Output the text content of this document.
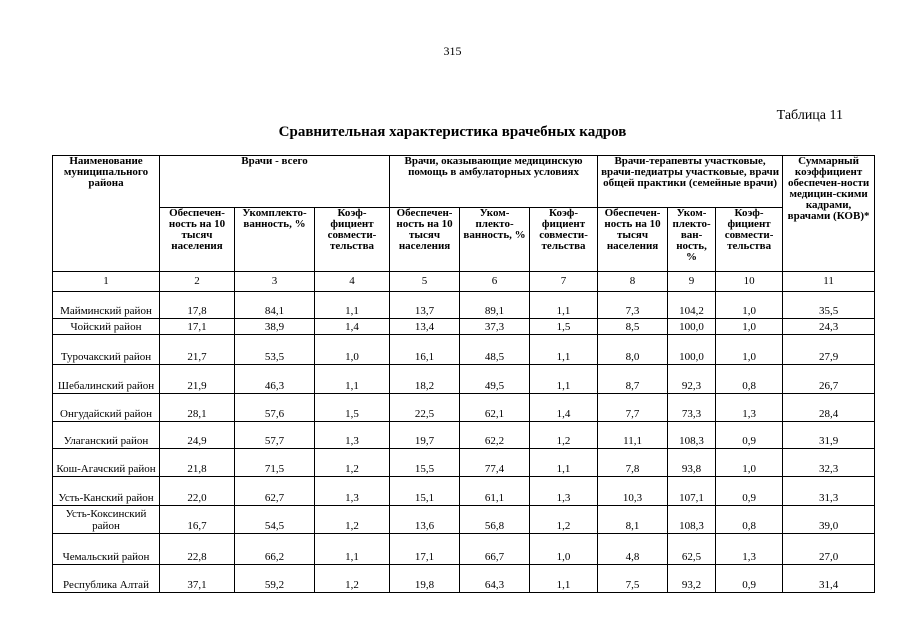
315
Таблица 11
Сравнительная характеристика врачебных кадров
Наименование муниципального района	Врачи - всего			Врачи, оказывающие медицинскую помощь в амбулаторных условиях			Врачи-терапевты участковые, врачи-педиатры участковые, врачи общей практики (семейные врачи)			Суммарный коэффициент обеспечен-ности медицин-скими кадрами, врачами (КОВ)*
	Обеспечен-ность на 10 тысяч населения	Укомплекто-ванность, %	Коэф-фициент совмести-тельства	Обеспечен-ность на 10 тысяч населения	Уком-плекто-ванность, %	Коэф-фициент совмести-тельства	Обеспечен-ность на 10 тысяч населения	Уком-плекто-ван-ность, %	Коэф-фициент совмести-тельства	
1	2	3	4	5	6	7	8	9	10	11
Майминский район	17,8	84,1	1,1	13,7	89,1	1,1	7,3	104,2	1,0	35,5
Чойский район	17,1	38,9	1,4	13,4	37,3	1,5	8,5	100,0	1,0	24,3
Турочакский район	21,7	53,5	1,0	16,1	48,5	1,1	8,0	100,0	1,0	27,9
Шебалинский район	21,9	46,3	1,1	18,2	49,5	1,1	8,7	92,3	0,8	26,7
Онгудайский район	28,1	57,6	1,5	22,5	62,1	1,4	7,7	73,3	1,3	28,4
Улаганский район	24,9	57,7	1,3	19,7	62,2	1,2	11,1	108,3	0,9	31,9
Кош-Агачский район	21,8	71,5	1,2	15,5	77,4	1,1	7,8	93,8	1,0	32,3
Усть-Канский район	22,0	62,7	1,3	15,1	61,1	1,3	10,3	107,1	0,9	31,3
Усть-Коксинский район	16,7	54,5	1,2	13,6	56,8	1,2	8,1	108,3	0,8	39,0
Чемальский район	22,8	66,2	1,1	17,1	66,7	1,0	4,8	62,5	1,3	27,0
Республика Алтай	37,1	59,2	1,2	19,8	64,3	1,1	7,5	93,2	0,9	31,4
